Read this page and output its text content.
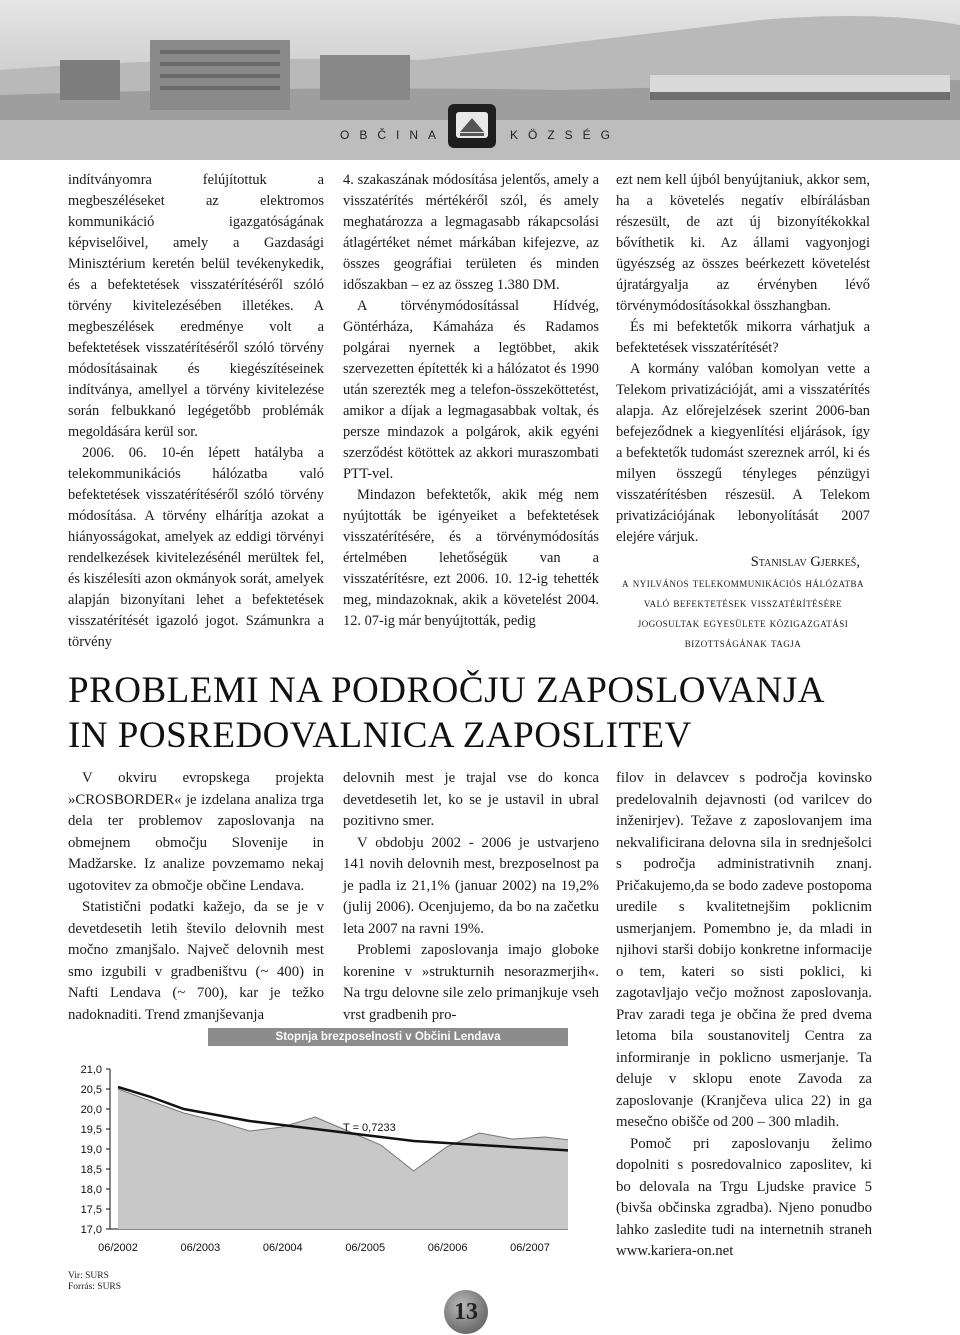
OBČINA	KÖZSÉG

indítványomra felújítottuk a megbeszéléseket az elektromos kommunikáció igazgatóságának képviselőivel, amely a Gazdasági Minisztérium keretén belül tevékenykedik, és a befektetések visszatérítéséről szóló törvény kivitelezésében illetékes. A megbeszélések eredménye volt a befektetések visszatérítéséről szóló törvény módosításainak és kiegészítéseinek indítványa, amellyel a törvény kivitelezése során felbukkanó legégetőbb problémák megoldására kerül sor.

2006. 06. 10-én lépett hatályba a telekommunikációs hálózatba való befektetések visszatérítéséről szóló törvény módosítása. A törvény elhárítja azokat a hiányosságokat, amelyek az eddigi törvényi rendelkezések kivitelezésénél merültek fel, és kiszélesíti azon okmányok sorát, amelyek alapján bizonyítani lehet a befektetések visszatérítését igazoló jogot. Számunkra a törvény

4. szakaszának módosítása jelentős, amely a visszatérítés mértékéről szól, és amely meghatározza a legmagasabb rákapcsolási átlagértéket német márkában kifejezve, az összes geográfiai területen és minden időszakban – ez az összeg 1.380 DM.

A törvénymódosítással Hídvég, Göntérháza, Kámaháza és Radamos polgárai nyernek a legtöbbet, akik szervezetten építették ki a hálózatot és 1990 után szerezték meg a telefon-összeköttetést, amikor a díjak a legmagasabbak voltak, és persze mindazok a polgárok, akik egyéni szerződést kötöttek az akkori muraszombati PTT-vel.

Mindazon befektetők, akik még nem nyújtották be igényeiket a befektetések visszatérítésére, és a törvénymódosítás értelmében lehetőségük van a visszatérítésre, ezt 2006. 10. 12-ig tehették meg, mindazoknak, akik a követelést 2004. 12. 07-ig már benyújtották, pedig

ezt nem kell újból benyújtaniuk, akkor sem, ha a követelés negatív elbírálásban részesült, de azt új bizonyítékokkal bővíthetik ki. Az állami vagyonjogi ügyészség az összes beérkezett követelést újratárgyalja az érvényben lévő törvénymódosításokkal összhangban.

És mi befektetők mikorra várhatjuk a befektetések visszatérítését?

A kormány valóban komolyan vette a Telekom privatizációját, ami a visszatérítés alapja. Az előrejelzések szerint 2006-ban befejeződnek a kiegyenlítési eljárások, így a befektetők tudomást szereznek arról, ki és milyen összegű tényleges pénzügyi visszatérítésben részesül. A Telekom privatizációjának lebonyolítását 2007 elejére várjuk.

Stanislav Gjerkeš,
a nyilvános telekommunikációs hálózatba való befektetések visszatérítésére jogosultak egyesülete közigazgatási bizottságának tagja
PROBLEMI NA PODROČJU ZAPOSLOVANJA
IN POSREDOVALNICA ZAPOSLITEV

V okviru evropskega projekta »CROSBORDER« je izdelana analiza trga dela ter problemov zaposlovanja na obmejnem območju Slovenije in Madžarske. Iz analize povzemamo nekaj ugotovitev za območje občine Lendava.

Statistični podatki kažejo, da se je v devetdesetih letih število delovnih mest močno zmanjšalo. Največ delovnih mest smo izgubili v gradbeništvu (~ 400) in Nafti Lendava (~ 700), kar je težko nadoknaditi. Trend zmanjševanja

delovnih mest je trajal vse do konca devetdesetih let, ko se je ustavil in ubral pozitivno smer.

V obdobju 2002 - 2006 je ustvarjeno 141 novih delovnih mest, brezposelnost pa je padla iz 21,1% (januar 2002) na 19,2% (julij 2006). Ocenjujemo, da bo na začetku leta 2007 na ravni 19%.

Problemi zaposlovanja imajo globoke korenine v »strukturnih nesorazmerjih«. Na trgu delovne sile zelo primanjkuje vseh vrst gradbenih pro-

filov in delavcev s področja kovinsko predelovalnih dejavnosti (od varilcev do inženirjev). Težave z zaposlovanjem ima nekvalificirana delovna sila in srednješolci s področja administrativnih znanj. Pričakujemo,da se bodo zadeve postopoma uredile s kvalitetnejšim poklicnim usmerjanjem. Pomembno je, da mladi in njihovi starši dobijo konkretne informacije o tem, kateri so sisti poklici, ki zagotavljajo večjo možnost zaposlovanja. Prav zaradi tega je občina že pred dvema letoma bila soustanovitelj Centra za informiranje in poklicno usmerjanje. Ta deluje v sklopu enote Zavoda za zaposlovanje (Kranjčeva ulica 22) in ga mesečno obišče od 200 – 300 mladih.

Pomoč pri zaposlovanju želimo dopolniti s posredovalnico zaposlitev, ki bo delovala na Trgu Ljudske pravice 5 (bivša občinska zgradba). Njeno ponudbo lahko zasledite tudi na internetnih straneh www.kariera-on.net

Stopnja brezposelnosti v Občini Lendava
21,0
20,5
20,0
19,5
19,0
18,5
18,0
17,5
17,0
06/2002	06/2003	06/2004	06/2005	06/2006	06/2007
T = 0,7233
Vir: SURS
Forrás: SURS
13
